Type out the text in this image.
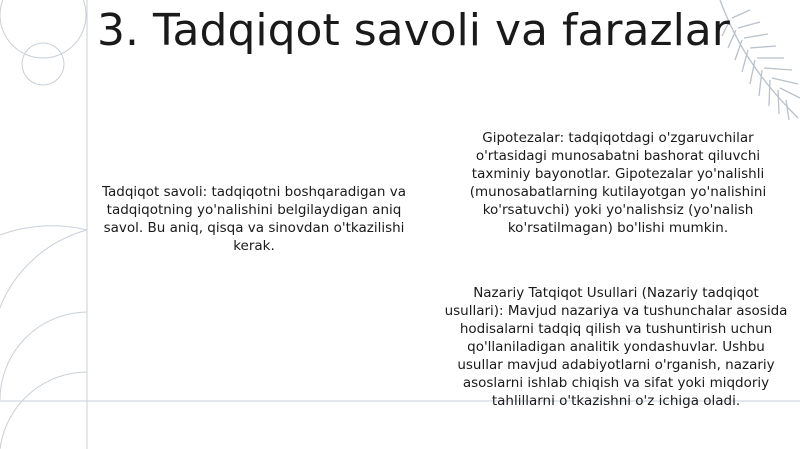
3. Tadqiqot savoli va farazlar

Tadqiqot savoli: tadqiqotni boshqaradigan va tadqiqotning yo'nalishini belgilaydigan aniq savol. Bu aniq, qisqa va sinovdan o'tkazilishi kerak.

Gipotezalar: tadqiqotdagi o'zgaruvchilar o'rtasidagi munosabatni bashorat qiluvchi taxminiy bayonotlar. Gipotezalar yo'nalishli (munosabatlarning kutilayotgan yo'nalishini ko'rsatuvchi) yoki yo'nalishsiz (yo'nalish ko'rsatilmagan) bo'lishi mumkin.

Nazariy Tatqiqot Usullari (Nazariy tadqiqot usullari): Mavjud nazariya va tushunchalar asosida hodisalarni tadqiq qilish va tushuntirish uchun qo'llaniladigan analitik yondashuvlar. Ushbu usullar mavjud adabiyotlarni o'rganish, nazariy asoslarni ishlab chiqish va sifat yoki miqdoriy tahlillarni o'tkazishni o'z ichiga oladi.
